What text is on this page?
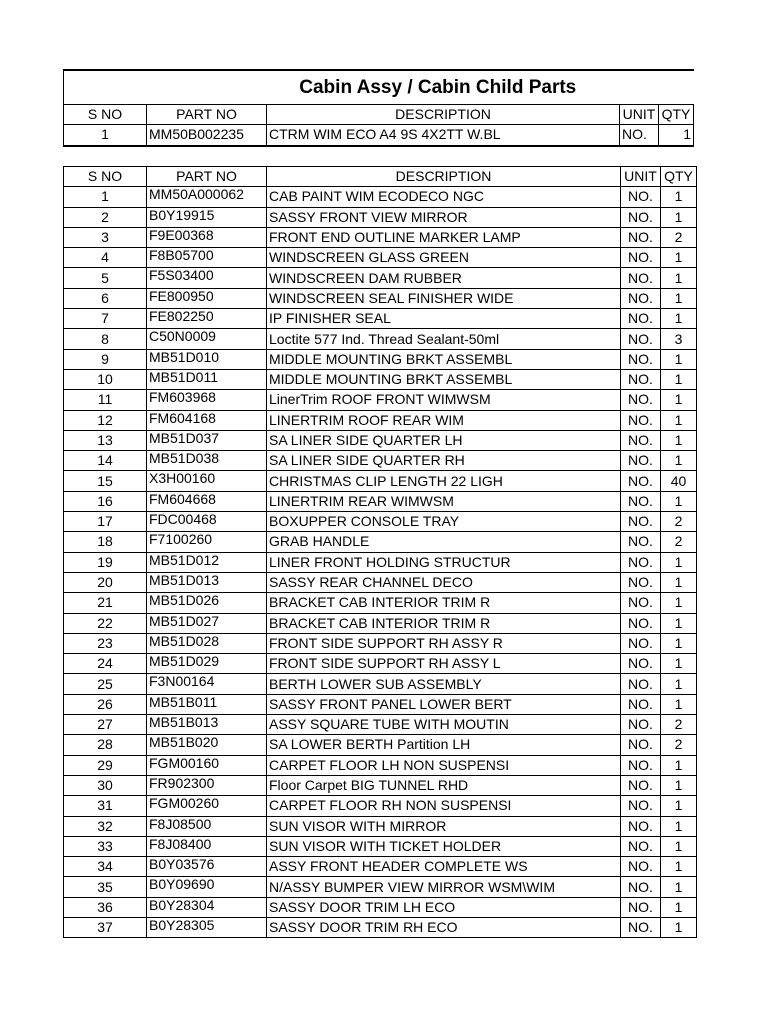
Cabin Assy / Cabin Child Parts				
S NO	PART NO	DESCRIPTION	UNIT	QTY
1	MM50B002235	CTRM WIM ECO A4 9S 4X2TT W.BL	NO.	1
S NO	PART NO	DESCRIPTION	UNIT	QTY
1	MM50A000062	CAB PAINT WIM ECODECO NGC	NO.	1
2	B0Y19915	SASSY FRONT VIEW MIRROR	NO.	1
3	F9E00368	FRONT END OUTLINE MARKER LAMP	NO.	2
4	F8B05700	WINDSCREEN GLASS GREEN	NO.	1
5	F5S03400	WINDSCREEN DAM RUBBER	NO.	1
6	FE800950	WINDSCREEN SEAL FINISHER WIDE	NO.	1
7	FE802250	IP FINISHER SEAL	NO.	1
8	C50N0009	Loctite 577 Ind. Thread Sealant-50ml	NO.	3
9	MB51D010	MIDDLE MOUNTING BRKT ASSEMBL	NO.	1
10	MB51D011	MIDDLE MOUNTING BRKT ASSEMBL	NO.	1
11	FM603968	LinerTrim ROOF FRONT WIMWSM	NO.	1
12	FM604168	LINERTRIM ROOF REAR WIM	NO.	1
13	MB51D037	SA LINER SIDE QUARTER LH	NO.	1
14	MB51D038	SA LINER SIDE QUARTER RH	NO.	1
15	X3H00160	CHRISTMAS CLIP LENGTH 22 LIGH	NO.	40
16	FM604668	LINERTRIM REAR WIMWSM	NO.	1
17	FDC00468	BOXUPPER CONSOLE TRAY	NO.	2
18	F7100260	GRAB HANDLE	NO.	2
19	MB51D012	LINER FRONT HOLDING STRUCTUR	NO.	1
20	MB51D013	SASSY REAR CHANNEL DECO	NO.	1
21	MB51D026	BRACKET CAB INTERIOR TRIM R	NO.	1
22	MB51D027	BRACKET CAB INTERIOR TRIM R	NO.	1
23	MB51D028	FRONT SIDE SUPPORT RH ASSY R	NO.	1
24	MB51D029	FRONT SIDE SUPPORT RH ASSY L	NO.	1
25	F3N00164	BERTH LOWER SUB ASSEMBLY	NO.	1
26	MB51B011	SASSY FRONT PANEL LOWER BERT	NO.	1
27	MB51B013	ASSY SQUARE TUBE WITH MOUTIN	NO.	2
28	MB51B020	SA LOWER BERTH Partition LH	NO.	2
29	FGM00160	CARPET FLOOR LH NON SUSPENSI	NO.	1
30	FR902300	Floor Carpet BIG TUNNEL RHD	NO.	1
31	FGM00260	CARPET FLOOR RH NON SUSPENSI	NO.	1
32	F8J08500	SUN VISOR WITH MIRROR	NO.	1
33	F8J08400	SUN VISOR WITH TICKET HOLDER	NO.	1
34	B0Y03576	ASSY FRONT HEADER COMPLETE WS	NO.	1
35	B0Y09690	N/ASSY BUMPER VIEW MIRROR WSM\WIM	NO.	1
36	B0Y28304	SASSY DOOR TRIM LH ECO	NO.	1
37	B0Y28305	SASSY DOOR TRIM RH ECO	NO.	1
